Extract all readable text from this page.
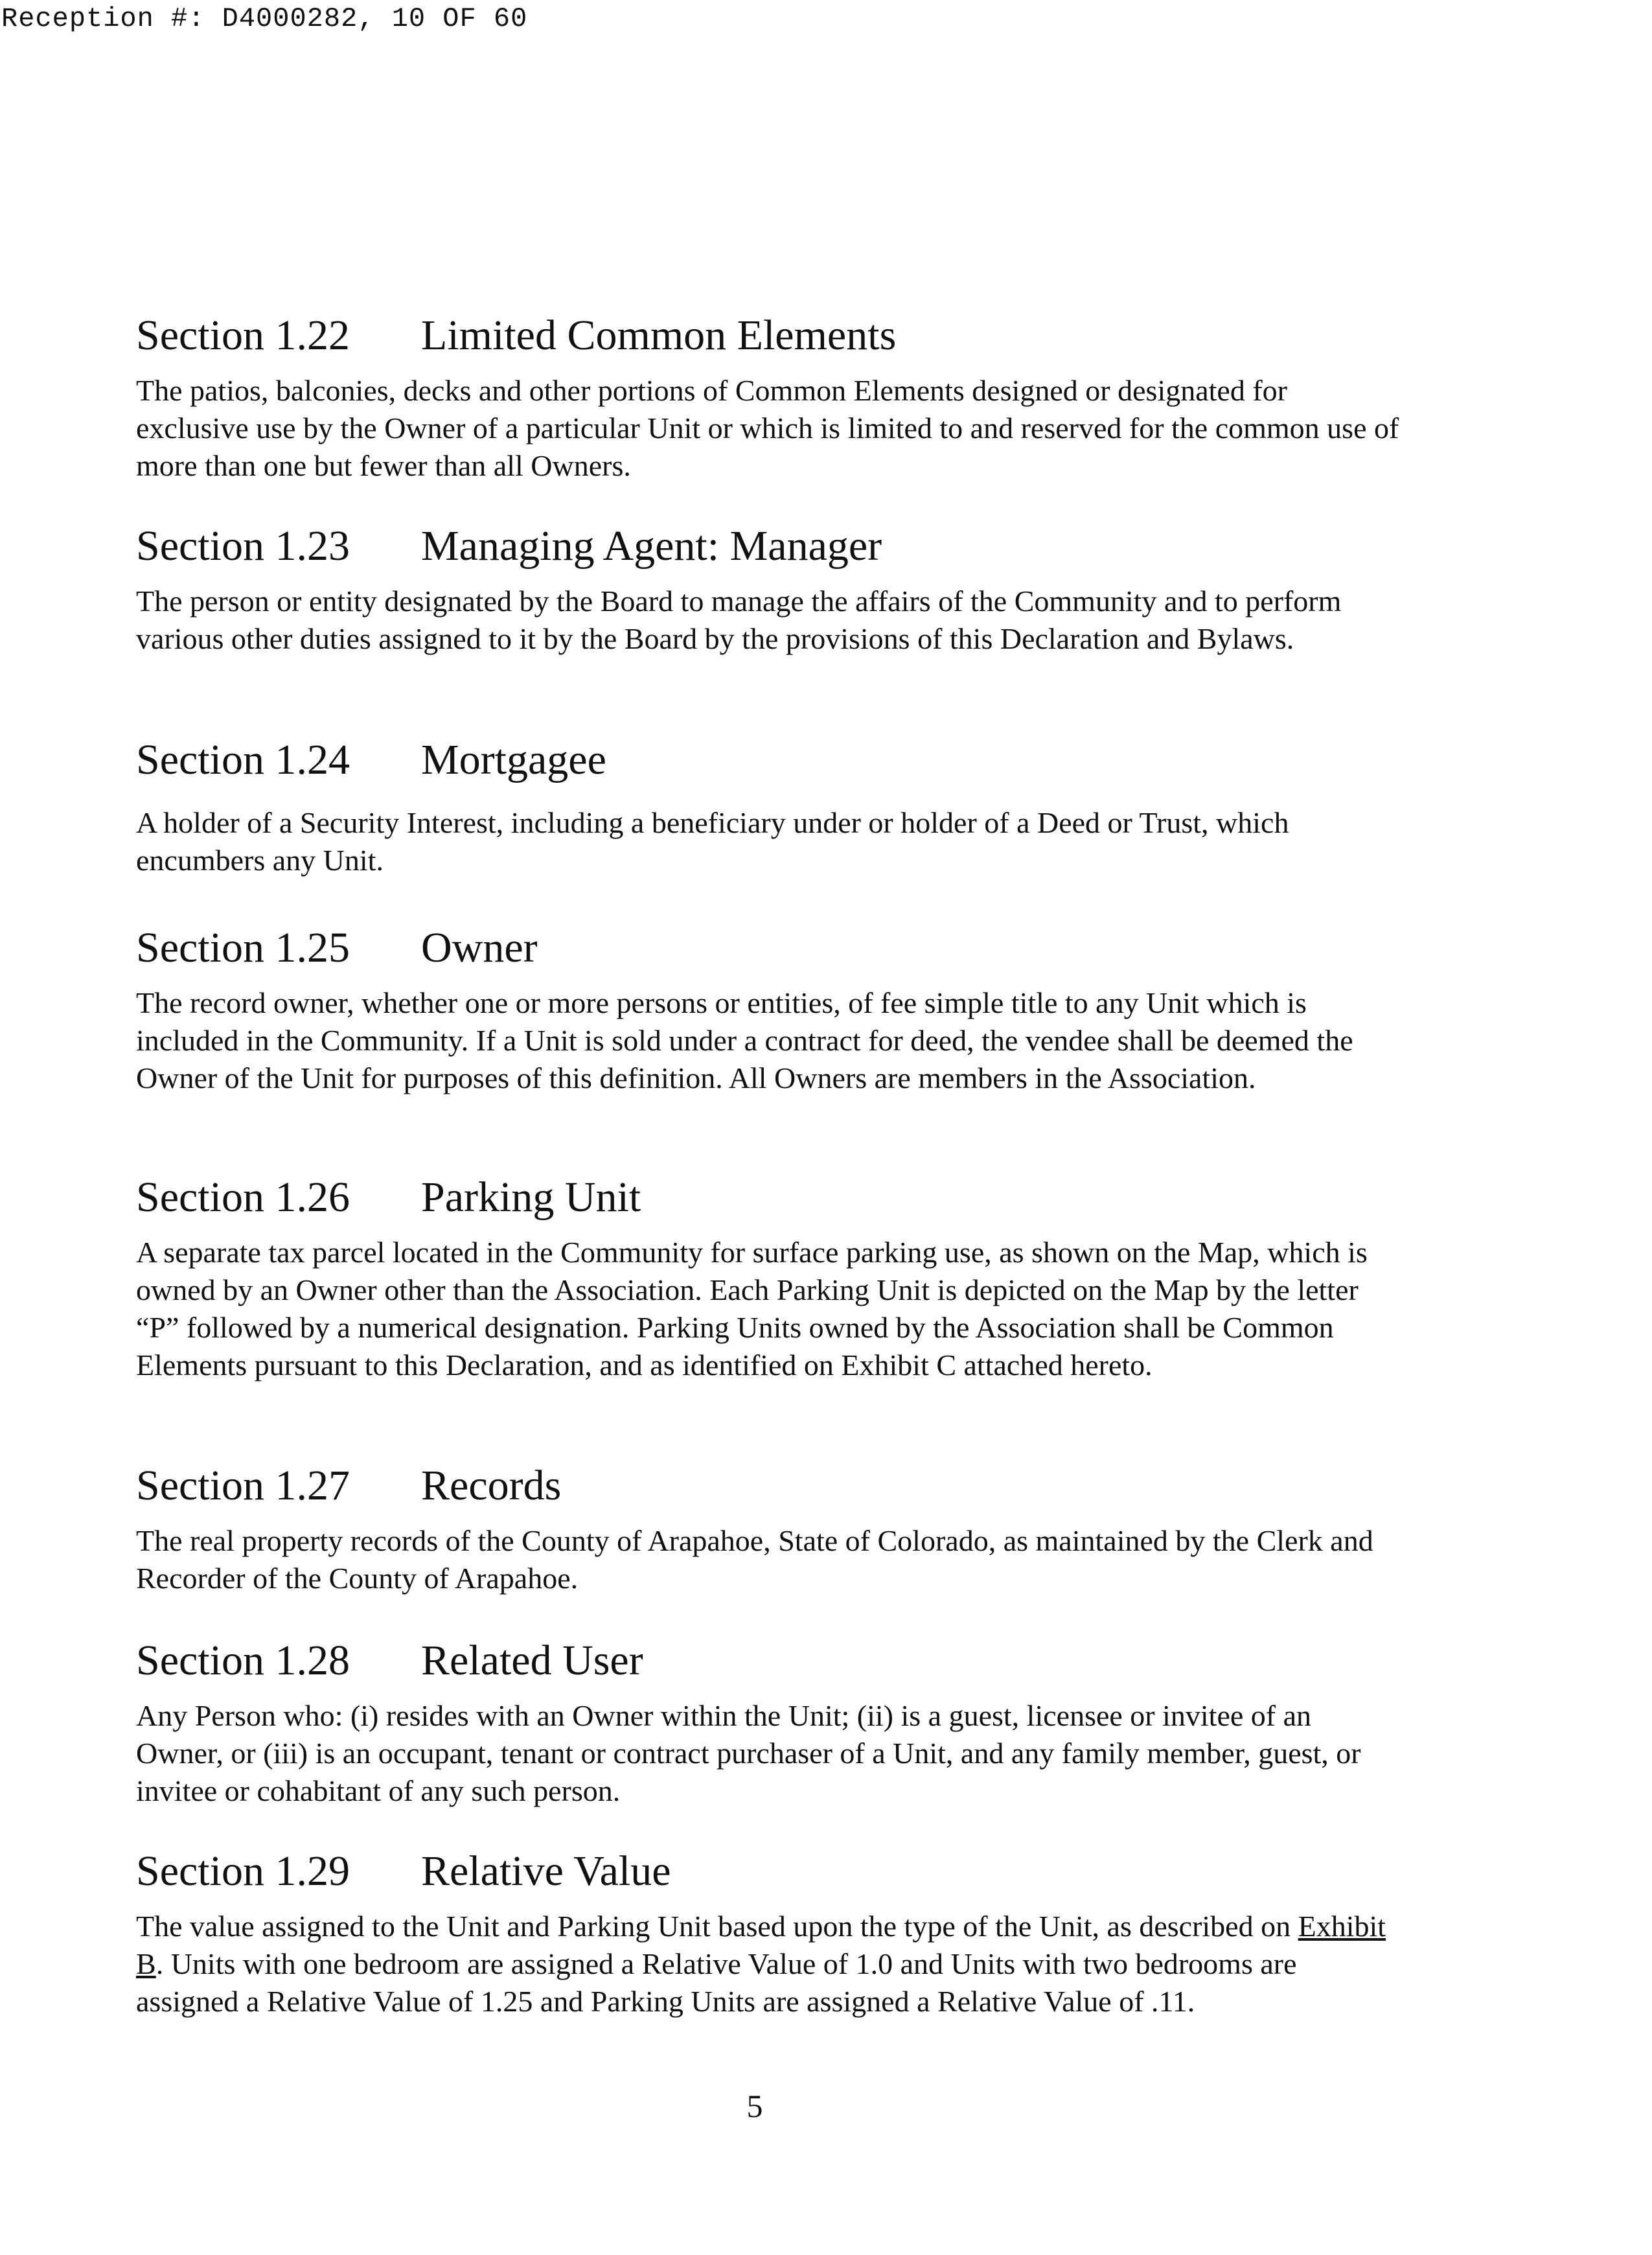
Reception #: D4000282, 10 OF 60
Section 1.22	Limited Common Elements

The patios, balconies, decks and other portions of Common Elements designed or designated for exclusive use by the Owner of a particular Unit or which is limited to and reserved for the common use of more than one but fewer than all Owners.

Section 1.23	Managing Agent: Manager

The person or entity designated by the Board to manage the affairs of the Community and to perform various other duties assigned to it by the Board by the provisions of this Declaration and Bylaws.

Section 1.24	Mortgagee

A holder of a Security Interest, including a beneficiary under or holder of a Deed or Trust, which encumbers any Unit.

Section 1.25	Owner

The record owner, whether one or more persons or entities, of fee simple title to any Unit which is included in the Community. If a Unit is sold under a contract for deed, the vendee shall be deemed the Owner of the Unit for purposes of this definition. All Owners are members in the Association.

Section 1.26	Parking Unit

A separate tax parcel located in the Community for surface parking use, as shown on the Map, which is owned by an Owner other than the Association. Each Parking Unit is depicted on the Map by the letter “P” followed by a numerical designation. Parking Units owned by the Association shall be Common Elements pursuant to this Declaration, and as identified on Exhibit C attached hereto.

Section 1.27	Records

The real property records of the County of Arapahoe, State of Colorado, as maintained by the Clerk and Recorder of the County of Arapahoe.

Section 1.28	Related User

Any Person who: (i) resides with an Owner within the Unit; (ii) is a guest, licensee or invitee of an Owner, or (iii) is an occupant, tenant or contract purchaser of a Unit, and any family member, guest, or invitee or cohabitant of any such person.

Section 1.29	Relative Value

The value assigned to the Unit and Parking Unit based upon the type of the Unit, as described on Exhibit B. Units with one bedroom are assigned a Relative Value of 1.0 and Units with two bedrooms are assigned a Relative Value of 1.25 and Parking Units are assigned a Relative Value of .11.

5
